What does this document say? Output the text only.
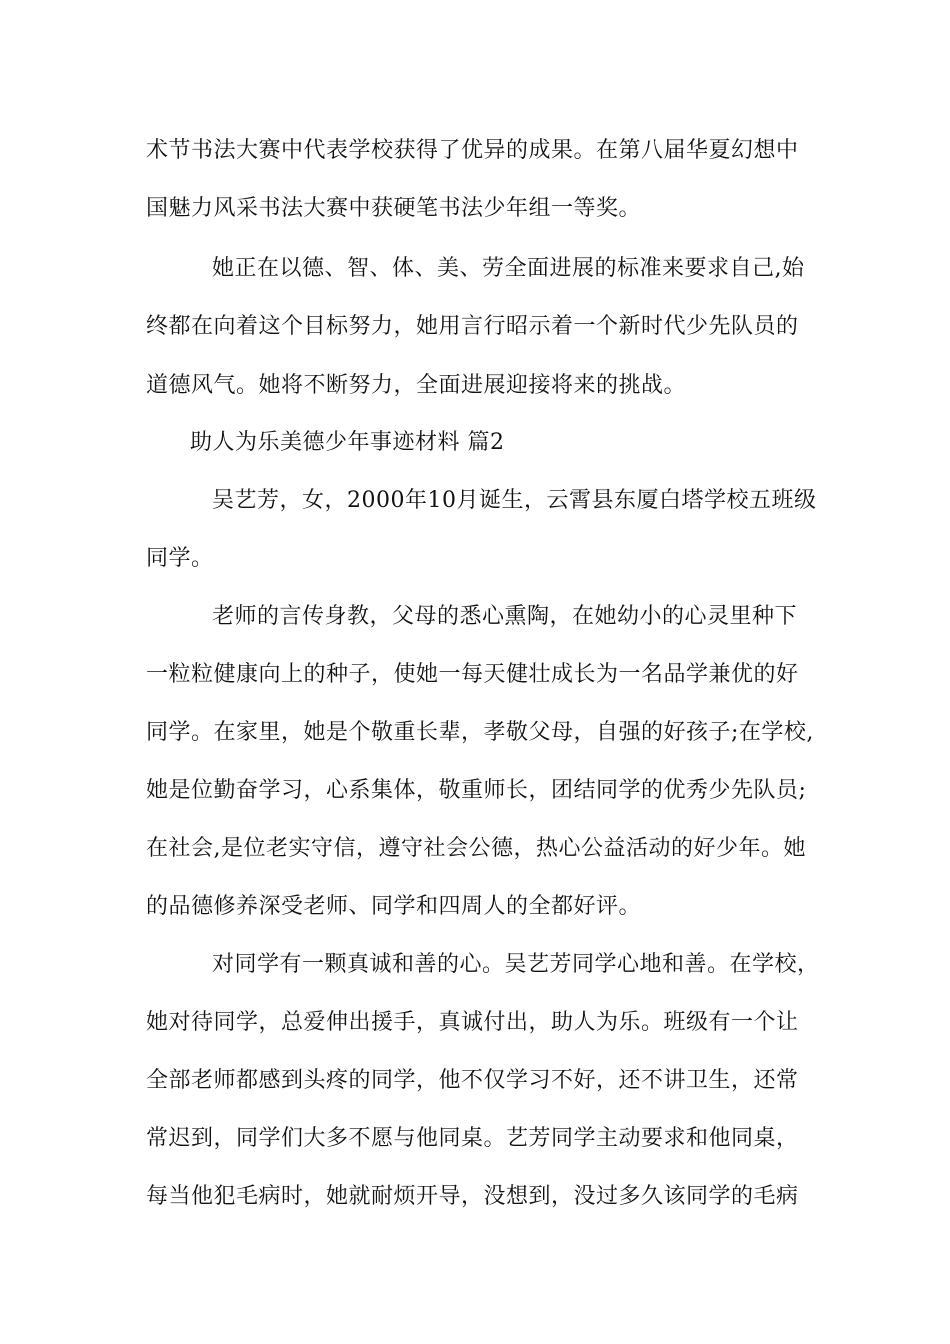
术节书法大赛中代表学校获得了优异的成果。在第八届华夏幻想中
国魅力风采书法大赛中获硬笔书法少年组一等奖。
她正在以德、智、体、美、劳全面进展的标准来要求自己,始
终都在向着这个目标努力，她用言行昭示着一个新时代少先队员的
道德风气。她将不断努力，全面进展迎接将来的挑战。
助人为乐美德少年事迹材料 篇2
吴艺芳，女，2000年10月诞生，云霄县东厦白塔学校五班级
同学。
老师的言传身教，父母的悉心熏陶，在她幼小的心灵里种下
一粒粒健康向上的种子，使她一每天健壮成长为一名品学兼优的好
同学。在家里，她是个敬重长辈，孝敬父母，自强的好孩子;在学校,
她是位勤奋学习，心系集体，敬重师长，团结同学的优秀少先队员;
在社会,是位老实守信，遵守社会公德，热心公益活动的好少年。她
的品德修养深受老师、同学和四周人的全都好评。
对同学有一颗真诚和善的心。吴艺芳同学心地和善。在学校，
她对待同学，总爱伸出援手，真诚付出，助人为乐。班级有一个让
全部老师都感到头疼的同学，他不仅学习不好，还不讲卫生，还常
常迟到，同学们大多不愿与他同桌。艺芳同学主动要求和他同桌，
每当他犯毛病时，她就耐烦开导，没想到，没过多久该同学的毛病
